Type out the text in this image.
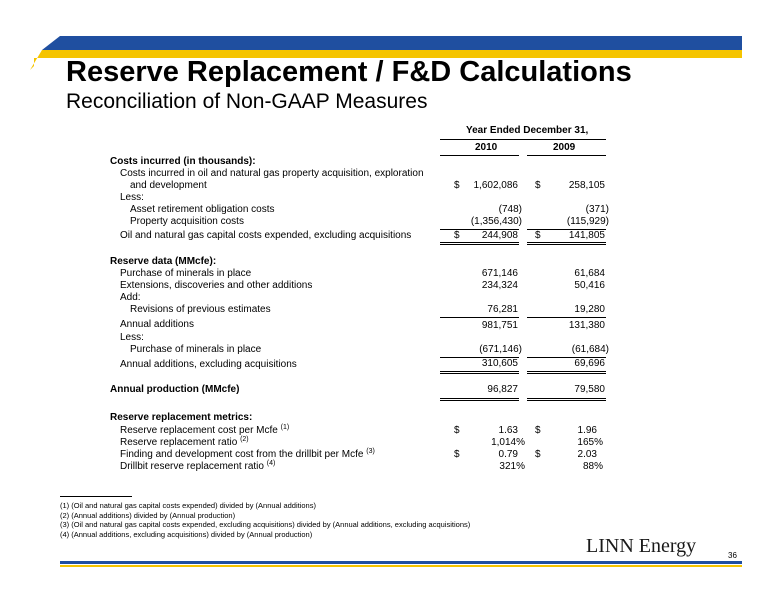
Reserve Replacement / F&D Calculations
Reconciliation of Non-GAAP Measures
Year Ended December 31,
2010	2009
Costs incurred (in thousands):
Costs incurred in oil and natural gas property acquisition, exploration
and development	$	1,602,086 $	258,105
Less:
Asset retirement obligation costs	(748)	(371)
Property acquisition costs	(1,356,430)	(115,929)
Oil and natural gas capital costs expended, excluding acquisitions	$	244,908 $	141,805
Reserve data (MMcfe):
Purchase of minerals in place	671,146	61,684
Extensions, discoveries and other additions	234,324	50,416
Add:
Revisions of previous estimates	76,281	19,280
Annual additions	981,751	131,380
Less:
Purchase of minerals in place	(671,146)	(61,684)
Annual additions, excluding acquisitions	310,605	69,696
Annual production (MMcfe)	96,827	79,580
Reserve replacement metrics:
Reserve replacement cost per Mcfe $^{(1)}$	$	1.63 $	1.96
Reserve replacement ratio $^{(2)}$	1,014%	165%
Finding and development cost from the drillbit per Mcfe $^{(3)}$	$	0.79 $	2.03
Drillbit reserve replacement ratio $^{(4)}$	321%	88%
(1) (Oil and natural gas capital costs expended) divided by (Annual additions)
(2) (Annual additions) divided by (Annual production)
(3) (Oil and natural gas capital costs expended, excluding acquisitions) divided by (Annual additions, excluding acquisitions)
(4) (Annual additions, excluding acquisitions) divided by (Annual production)
LINN Energy	36
